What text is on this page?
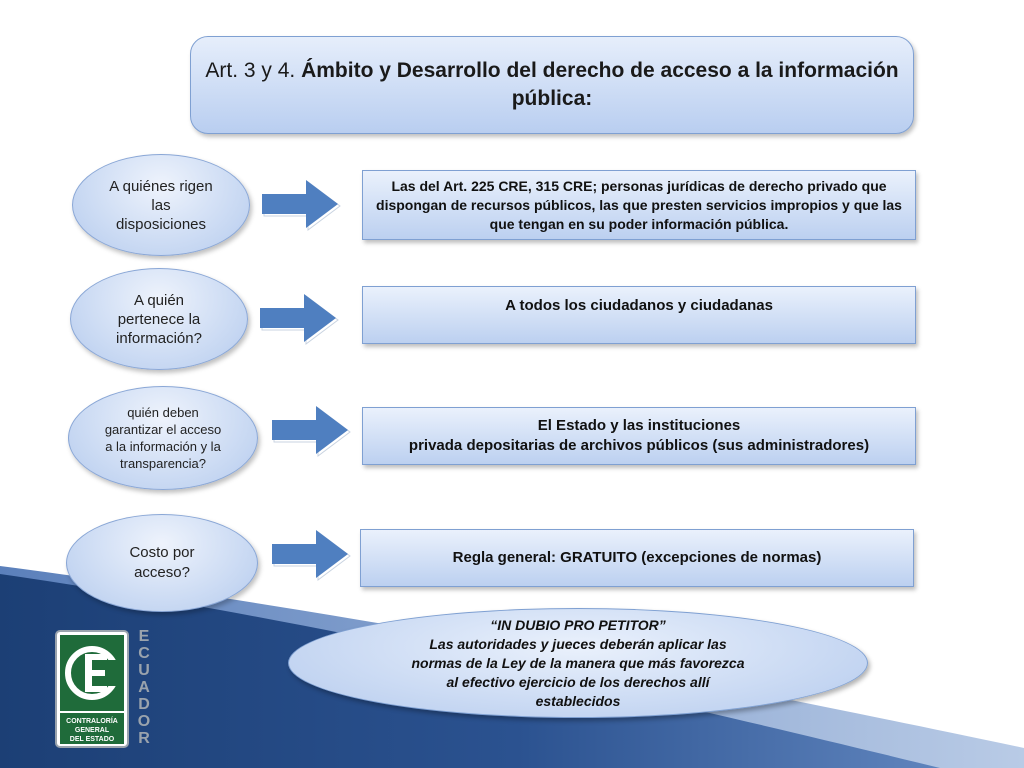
Art. 3 y 4. Ámbito y Desarrollo del derecho de acceso a la información pública:
A quiénes rigen las disposiciones
Las del Art. 225 CRE, 315 CRE; personas jurídicas de derecho privado que dispongan de recursos públicos, las que presten servicios impropios y que las que tengan en su poder información pública.
A quién pertenece la información?
A todos los ciudadanos y ciudadanas
quién deben garantizar el acceso a la información y la transparencia?
El Estado y las instituciones
privada depositarias de archivos públicos (sus administradores)
Costo por acceso?
Regla general: GRATUITO (excepciones de normas)
“IN DUBIO PRO PETITOR”
Las autoridades y jueces deberán aplicar las
normas de la Ley de la manera que más favorezca
al efectivo ejercicio de los derechos allí
establecidos
CONTRALORÍA
GENERAL
DEL ESTADO
E
C
U
A
D
O
R
